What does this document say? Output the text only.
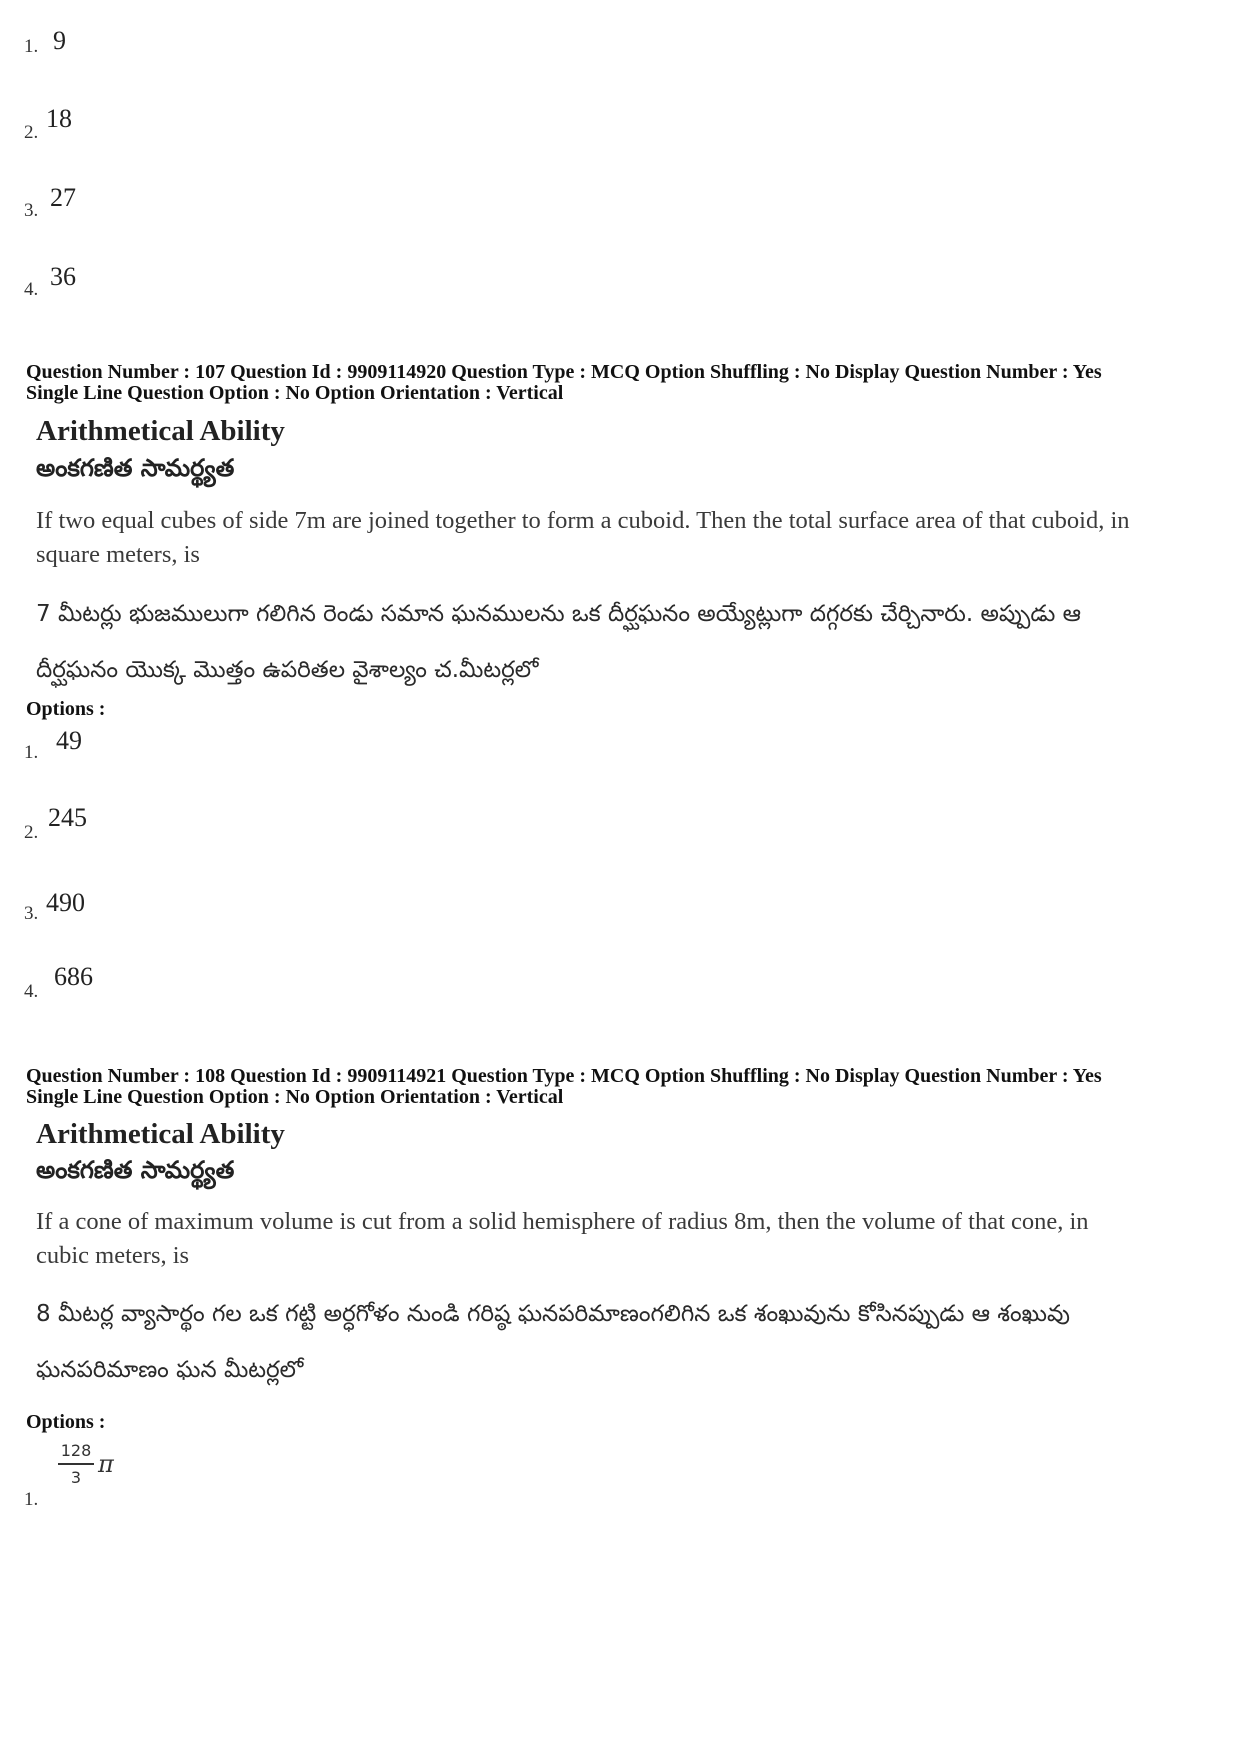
1. 9
2. 18
3. 27
4. 36
Question Number : 107 Question Id : 9909114920 Question Type : MCQ Option Shuffling : No Display Question Number : Yes
Single Line Question Option : No Option Orientation : Vertical
Arithmetical Ability
అంకగణిత సామర్థ్యత
If two equal cubes of side 7m are joined together to form a cuboid. Then the total surface area of that cuboid, in square meters, is
7 మీటర్లు భుజములుగా గలిగిన రెండు సమాన ఘనములను ఒక దీర్ఘఘనం అయ్యేట్లుగా దగ్గరకు చేర్చినారు. అప్పుడు ఆ దీర్ఘఘనం యొక్క మొత్తం ఉపరితల వైశాల్యం చ.మీటర్లలో
Options :
1. 49
2.
245
3. 490
4.
686
Question Number : 108 Question Id : 9909114921 Question Type : MCQ Option Shuffling : No Display Question Number : Yes
Single Line Question Option : No Option Orientation : Vertical
Arithmetical Ability
అంకగణిత సామర్థ్యత
If a cone of maximum volume is cut from a solid hemisphere of radius 8m, then the volume of that cone, in cubic meters, is
8 మీటర్ల వ్యాసార్థం గల ఒక గట్టి అర్ధగోళం నుండి గరిష్ఠ ఘనపరిమాణంగలిగిన ఒక శంఖువును కోసినప్పుడు ఆ శంఖువు ఘనపరిమాణం ఘన మీటర్లలో
Options :
$\frac{128}{3}$ π
1.
